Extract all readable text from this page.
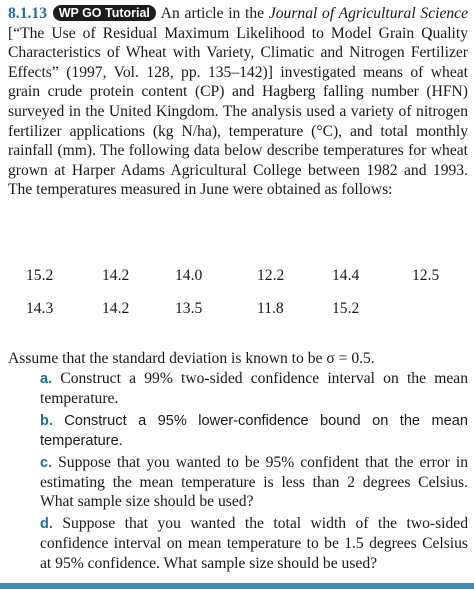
8.1.13 WP GO Tutorial An article in the Journal of Agricultural Science [“The Use of Residual Maximum Likelihood to Model Grain Quality Characteristics of Wheat with Variety, Climatic and Nitrogen Fertilizer Effects” (1997, Vol. 128, pp. 135–142)] investigated means of wheat grain crude protein content (CP) and Hagberg falling number (HFN) surveyed in the United Kingdom. The analysis used a variety of nitrogen fertilizer applications (kg N/ha), temperature (°C), and total monthly rainfall (mm). The following data below describe temperatures for wheat grown at Harper Adams Agricultural College between 1982 and 1993. The temperatures measured in June were obtained as follows:

15.2	14.2	14.0	12.2	14.4	12.5
14.3	14.2	13.5	11.8	15.2

Assume that the standard deviation is known to be σ = 0.5.

a. Construct a 99% two-sided confidence interval on the mean temperature.

b. Construct a 95% lower-confidence bound on the mean temperature.

c. Suppose that you wanted to be 95% confident that the error in estimating the mean temperature is less than 2 degrees Celsius. What sample size should be used?

d. Suppose that you wanted the total width of the two-sided confidence interval on mean temperature to be 1.5 degrees Celsius at 95% confidence. What sample size should be used?
